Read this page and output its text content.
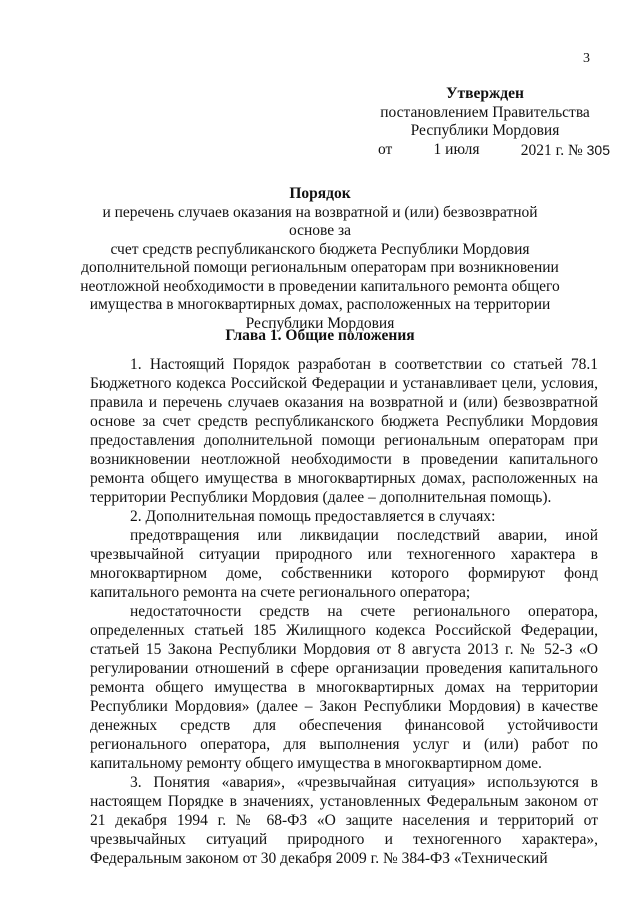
3
Утвержден
постановлением Правительства
Республики Мордовия
от	1 июля	2021 г. № 305
Порядок
и перечень случаев оказания на возвратной и (или) безвозвратной основе за
счет средств республиканского бюджета Республики Мордовия
дополнительной помощи региональным операторам при возникновении
неотложной необходимости в проведении капитального ремонта общего
имущества в многоквартирных домах, расположенных на территории
Республики Мордовия
Глава 1. Общие положения

1. Настоящий Порядок разработан в соответствии со статьей 78.1 Бюджетного кодекса Российской Федерации и устанавливает цели, условия, правила и перечень случаев оказания на возвратной и (или) безвозвратной основе за счет средств республиканского бюджета Республики Мордовия предоставления дополнительной помощи региональным операторам при возникновении неотложной необходимости в проведении капитального ремонта общего имущества в многоквартирных домах, расположенных на территории Республики Мордовия (далее – дополнительная помощь).

2. Дополнительная помощь предоставляется в случаях:

предотвращения или ликвидации последствий аварии, иной чрезвычайной ситуации природного или техногенного характера в многоквартирном доме, собственники которого формируют фонд капитального ремонта на счете регионального оператора;

недостаточности средств на счете регионального оператора, определенных статьей 185 Жилищного кодекса Российской Федерации, статьей 15 Закона Республики Мордовия от 8 августа 2013 г. № 52-З «О регулировании отношений в сфере организации проведения капитального ремонта общего имущества в многоквартирных домах на территории Республики Мордовия» (далее – Закон Республики Мордовия) в качестве денежных средств для обеспечения финансовой устойчивости регионального оператора, для выполнения услуг и (или) работ по капитальному ремонту общего имущества в многоквартирном доме.

3. Понятия «авария», «чрезвычайная ситуация» используются в настоящем Порядке в значениях, установленных Федеральным законом от 21 декабря 1994 г. № 68-ФЗ «О защите населения и территорий от чрезвычайных ситуаций природного и техногенного характера», Федеральным законом от 30 декабря 2009 г. № 384-ФЗ «Технический
